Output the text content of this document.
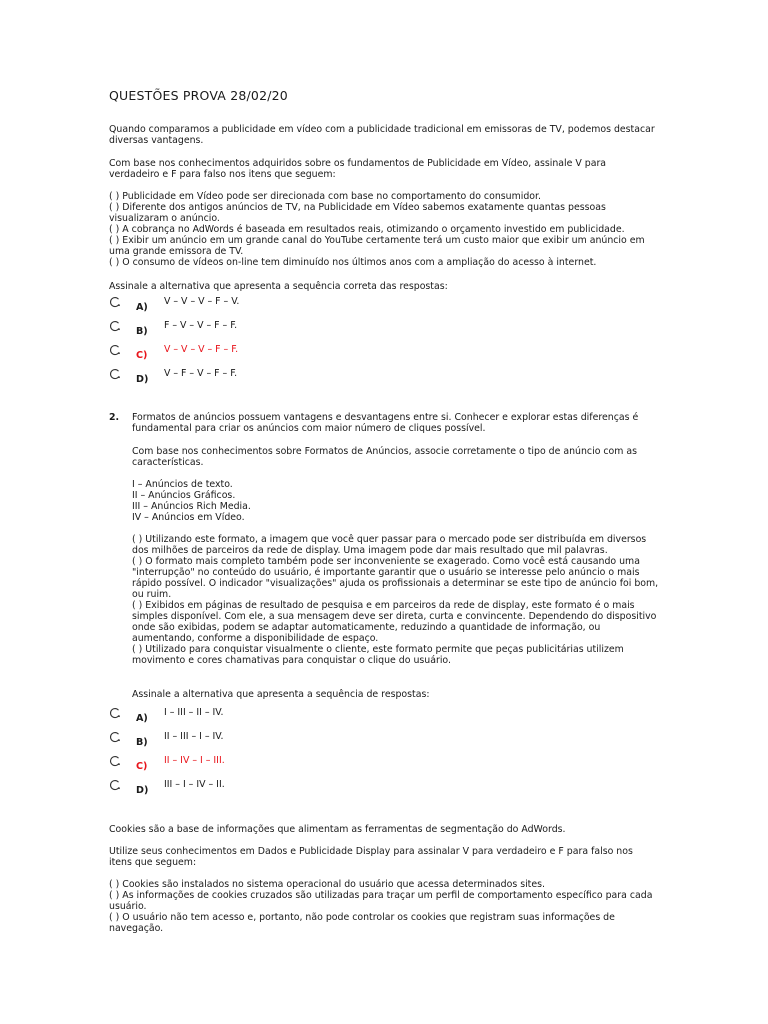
QUESTÕES PROVA 28/02/20
Quando comparamos a publicidade em vídeo com a publicidade tradicional em emissoras de TV, podemos destacar diversas vantagens.
Com base nos conhecimentos adquiridos sobre os fundamentos de Publicidade em Vídeo, assinale V para verdadeiro e F para falso nos itens que seguem:

( ) Publicidade em Vídeo pode ser direcionada com base no comportamento do consumidor.

( ) Diferente dos antigos anúncios de TV, na Publicidade em Vídeo sabemos exatamente quantas pessoas visualizaram o anúncio.

( ) A cobrança no AdWords é baseada em resultados reais, otimizando o orçamento investido em publicidade.

( ) Exibir um anúncio em um grande canal do YouTube certamente terá um custo maior que exibir um anúncio em uma grande emissora de TV.

( ) O consumo de vídeos on-line tem diminuído nos últimos anos com a ampliação do acesso à internet.

Assinale a alternativa que apresenta a sequência correta das respostas:
A)
V – V – V – F – V.
B)
F – V – V – F – F.
C)
V – V – V – F – F.
D)
V – F – V – F – F.
2. Formatos de anúncios possuem vantagens e desvantagens entre si. Conhecer e explorar estas diferenças é fundamental para criar os anúncios com maior número de cliques possível.
Com base nos conhecimentos sobre Formatos de Anúncios, associe corretamente o tipo de anúncio com as características.

I – Anúncios de texto.

II – Anúncios Gráficos.

III – Anúncios Rich Media.

IV – Anúncios em Vídeo.

( ) Utilizando este formato, a imagem que você quer passar para o mercado pode ser distribuída em diversos dos milhões de parceiros da rede de display. Uma imagem pode dar mais resultado que mil palavras.

( ) O formato mais completo também pode ser inconveniente se exagerado. Como você está causando uma "interrupção" no conteúdo do usuário, é importante garantir que o usuário se interesse pelo anúncio o mais rápido possível. O indicador "visualizações" ajuda os profissionais a determinar se este tipo de anúncio foi bom, ou ruim.

( ) Exibidos em páginas de resultado de pesquisa e em parceiros da rede de display, este formato é o mais simples disponível. Com ele, a sua mensagem deve ser direta, curta e convincente. Dependendo do dispositivo onde são exibidas, podem se adaptar automaticamente, reduzindo a quantidade de informação, ou aumentando, conforme a disponibilidade de espaço.

( ) Utilizado para conquistar visualmente o cliente, este formato permite que peças publicitárias utilizem movimento e cores chamativas para conquistar o clique do usuário.

Assinale a alternativa que apresenta a sequência de respostas:
A)
I – III – II – IV.
B)
II – III – I – IV.
C)
II – IV – I – III.
D)
III – I – IV – II.
Cookies são a base de informações que alimentam as ferramentas de segmentação do AdWords.
Utilize seus conhecimentos em Dados e Publicidade Display para assinalar V para verdadeiro e F para falso nos itens que seguem:

( ) Cookies são instalados no sistema operacional do usuário que acessa determinados sites.

( ) As informações de cookies cruzados são utilizadas para traçar um perfil de comportamento específico para cada usuário.

( ) O usuário não tem acesso e, portanto, não pode controlar os cookies que registram suas informações de navegação.
